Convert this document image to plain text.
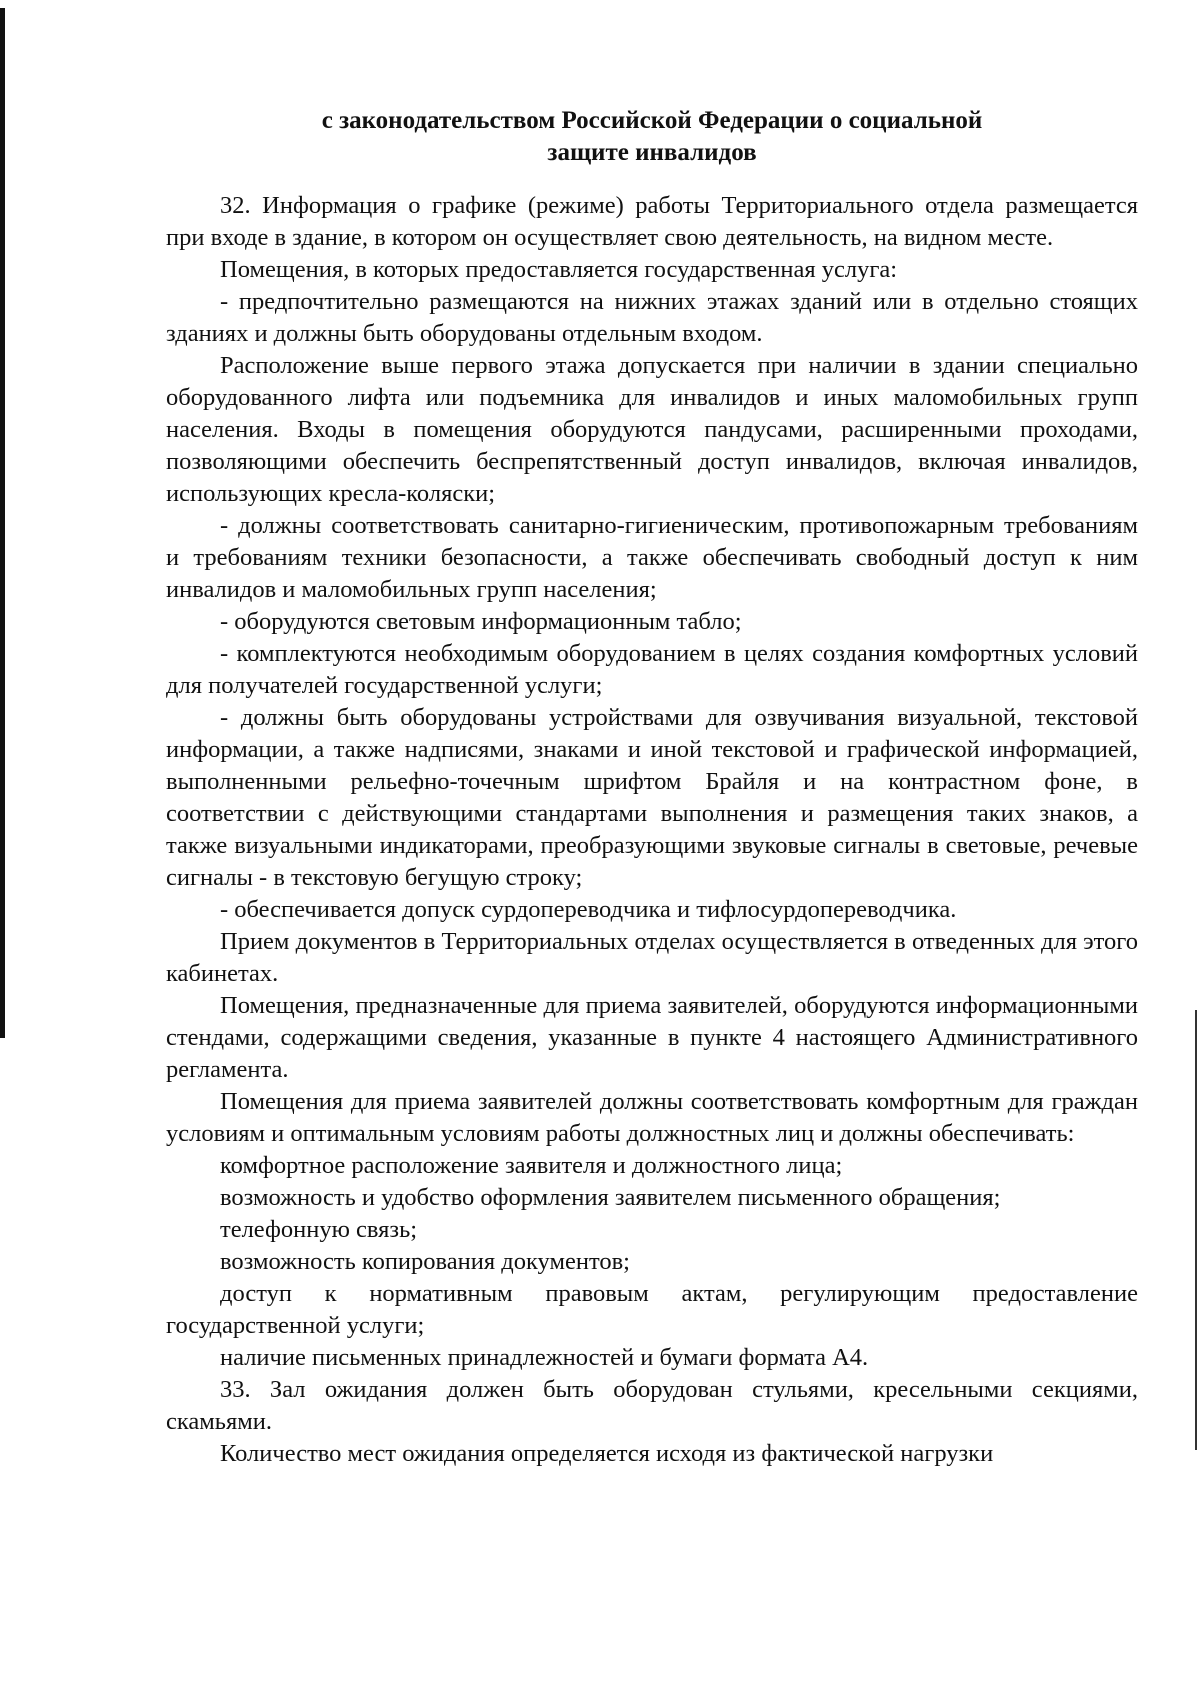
с законодательством Российской Федерации о социальной
защите инвалидов

32. Информация о графике (режиме) работы Территориального отдела размещается при входе в здание, в котором он осуществляет свою деятельность, на видном месте.

Помещения, в которых предоставляется государственная услуга:

- предпочтительно размещаются на нижних этажах зданий или в отдельно стоящих зданиях и должны быть оборудованы отдельным входом.

Расположение выше первого этажа допускается при наличии в здании специально оборудованного лифта или подъемника для инвалидов и иных маломобильных групп населения. Входы в помещения оборудуются пандусами, расширенными проходами, позволяющими обеспечить беспрепятственный доступ инвалидов, включая инвалидов, использующих кресла-коляски;

- должны соответствовать санитарно-гигиеническим, противопожарным требованиям и требованиям техники безопасности, а также обеспечивать свободный доступ к ним инвалидов и маломобильных групп населения;

- оборудуются световым информационным табло;

- комплектуются необходимым оборудованием в целях создания комфортных условий для получателей государственной услуги;

- должны быть оборудованы устройствами для озвучивания визуальной, текстовой информации, а также надписями, знаками и иной текстовой и графической информацией, выполненными рельефно-точечным шрифтом Брайля и на контрастном фоне, в соответствии с действующими стандартами выполнения и размещения таких знаков, а также визуальными индикаторами, преобразующими звуковые сигналы в световые, речевые сигналы - в текстовую бегущую строку;

- обеспечивается допуск сурдопереводчика и тифлосурдопереводчика.

Прием документов в Территориальных отделах осуществляется в отведенных для этого кабинетах.

Помещения, предназначенные для приема заявителей, оборудуются информационными стендами, содержащими сведения, указанные в пункте 4 настоящего Административного регламента.

Помещения для приема заявителей должны соответствовать комфортным для граждан условиям и оптимальным условиям работы должностных лиц и должны обеспечивать:

комфортное расположение заявителя и должностного лица;

возможность и удобство оформления заявителем письменного обращения;

телефонную связь;

возможность копирования документов;

доступ к нормативным правовым актам, регулирующим предоставление государственной услуги;

наличие письменных принадлежностей и бумаги формата А4.

33. Зал ожидания должен быть оборудован стульями, кресельными секциями, скамьями.

Количество мест ожидания определяется исходя из фактической нагрузки
